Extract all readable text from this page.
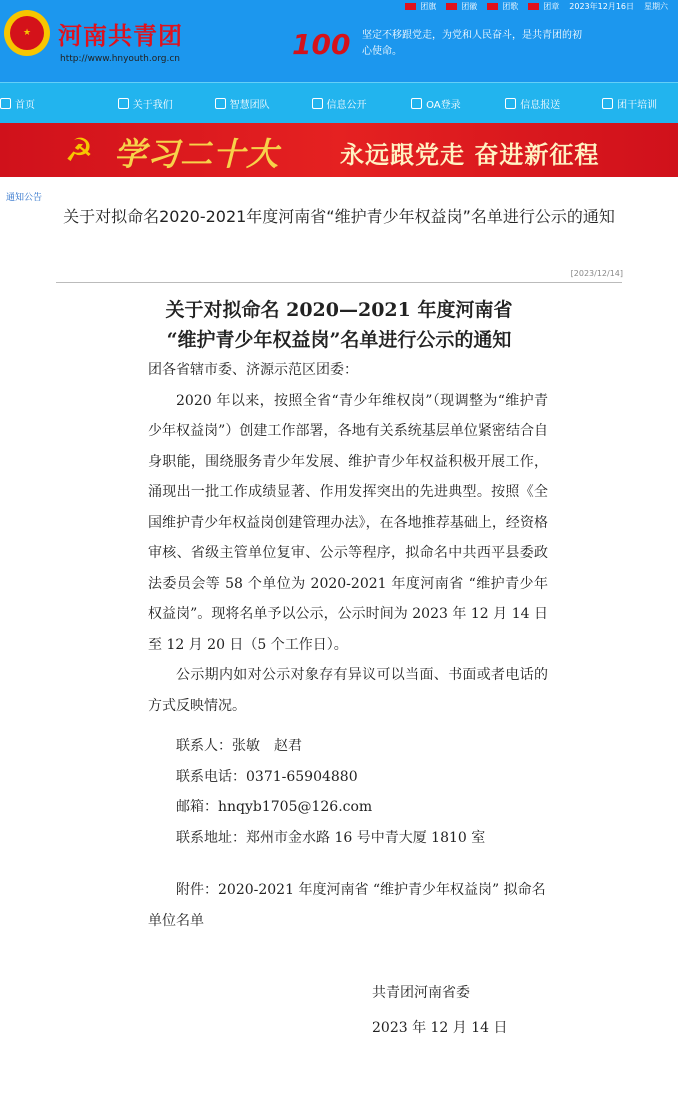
★	河南共青团
http://www.hnyouth.org.cn	100 坚定不移跟党走，为党和人民奋斗，是共青团的初心使命。
团旗	团徽	团歌	团章 2023年12月16日 星期六
首页	关于我们	智慧团队	信息公开	OA登录	信息报送	团干培训
☭ 学习二十大	永远跟党走 奋进新征程
通知公告
关于对拟命名2020-2021年度河南省“维护青少年权益岗”名单进行公示的通知
[2023/12/14]
关于对拟命名 2020—2021 年度河南省
“维护青少年权益岗”名单进行公示的通知

团各省辖市委、济源示范区团委：

2020 年以来，按照全省“青少年维权岗”（现调整为“维护青少年权益岗”）创建工作部署，各地有关系统基层单位紧密结合自身职能，围绕服务青少年发展、维护青少年权益积极开展工作，涌现出一批工作成绩显著、作用发挥突出的先进典型。按照《全国维护青少年权益岗创建管理办法》，在各地推荐基础上，经资格审核、省级主管单位复审、公示等程序，拟命名中共西平县委政法委员会等 58 个单位为 2020-2021 年度河南省 “维护青少年权益岗”。现将名单予以公示，公示时间为 2023 年 12 月 14 日至 12 月 20 日（5 个工作日）。

公示期内如对公示对象存有异议可以当面、书面或者电话的方式反映情况。

联系人：张敏　赵君

联系电话：0371-65904880

邮箱：hnqyb1705@126.com

联系地址：郑州市金水路 16 号中青大厦 1810 室

附件：2020-2021 年度河南省 “维护青少年权益岗” 拟命名单位名单

共青团河南省委

2023 年 12 月 14 日
